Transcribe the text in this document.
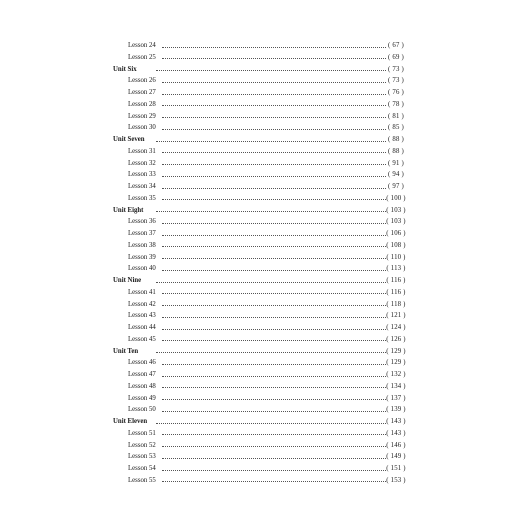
Lesson 24	( 67 )
Lesson 25	( 69 )
Unit Six	( 73 )
Lesson 26	( 73 )
Lesson 27	( 76 )
Lesson 28	( 78 )
Lesson 29	( 81 )
Lesson 30	( 85 )
Unit Seven	( 88 )
Lesson 31	( 88 )
Lesson 32	( 91 )
Lesson 33	( 94 )
Lesson 34	( 97 )
Lesson 35	( 100 )
Unit Eight	( 103 )
Lesson 36	( 103 )
Lesson 37	( 106 )
Lesson 38	( 108 )
Lesson 39	( 110 )
Lesson 40	( 113 )
Unit Nine	( 116 )
Lesson 41	( 116 )
Lesson 42	( 118 )
Lesson 43	( 121 )
Lesson 44	( 124 )
Lesson 45	( 126 )
Unit Ten	( 129 )
Lesson 46	( 129 )
Lesson 47	( 132 )
Lesson 48	( 134 )
Lesson 49	( 137 )
Lesson 50	( 139 )
Unit Eleven	( 143 )
Lesson 51	( 143 )
Lesson 52	( 146 )
Lesson 53	( 149 )
Lesson 54	( 151 )
Lesson 55	( 153 )
